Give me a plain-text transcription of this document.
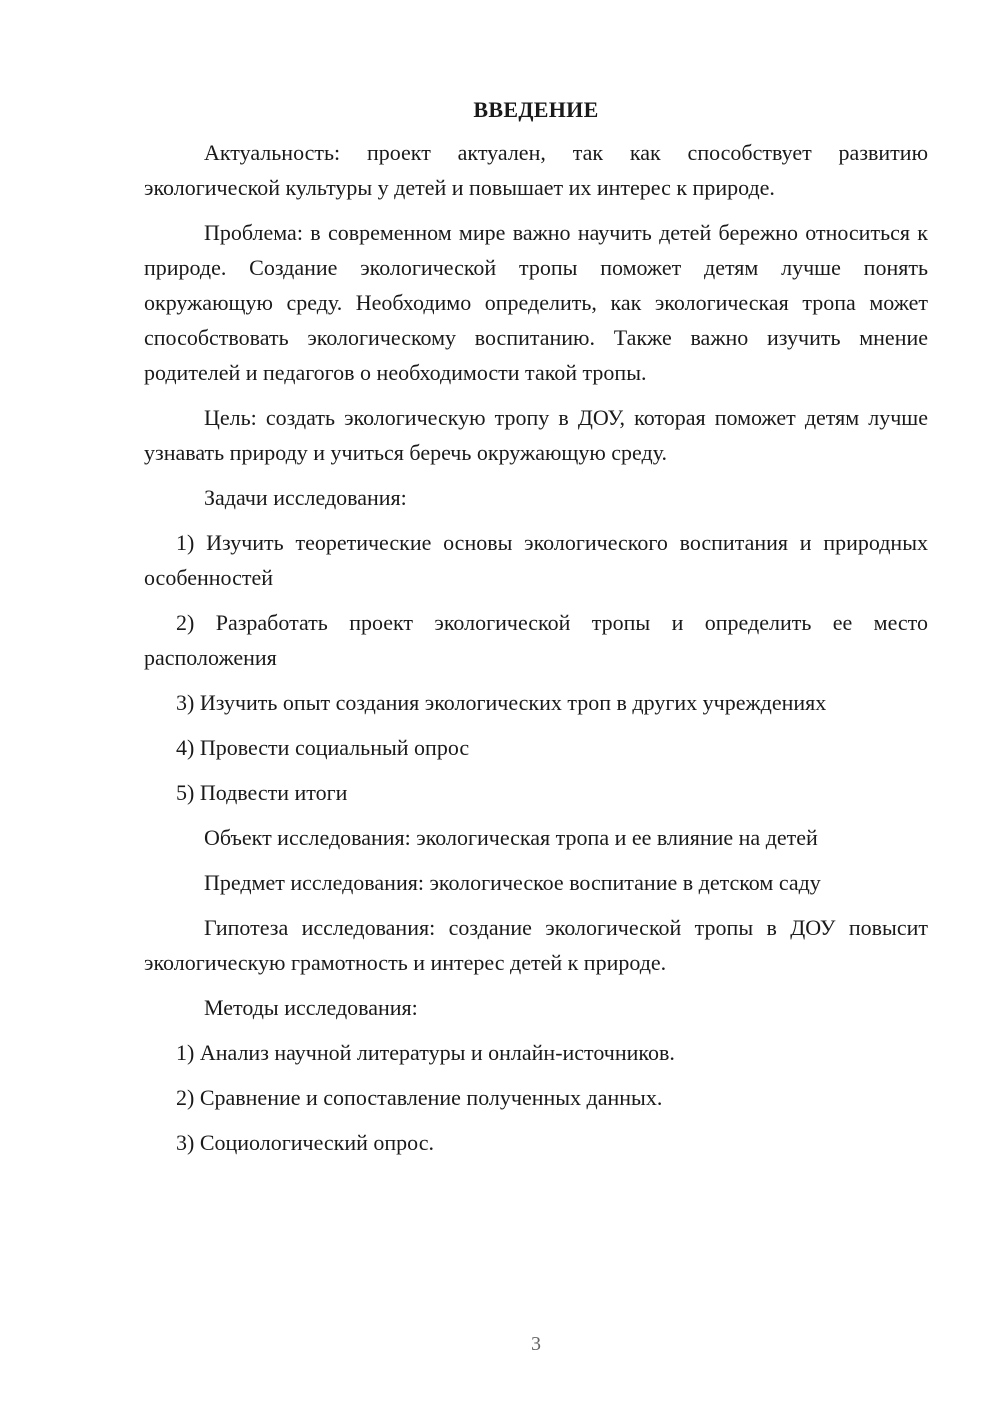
ВВЕДЕНИЕ

Актуальность: проект актуален, так как способствует развитию экологической культуры у детей и повышает их интерес к природе.

Проблема: в современном мире важно научить детей бережно относиться к природе. Создание экологической тропы поможет детям лучше понять окружающую среду. Необходимо определить, как экологическая тропа может способствовать экологическому воспитанию. Также важно изучить мнение родителей и педагогов о необходимости такой тропы.

Цель: создать экологическую тропу в ДОУ, которая поможет детям лучше узнавать природу и учиться беречь окружающую среду.

Задачи исследования:

1) Изучить теоретические основы экологического воспитания и природных особенностей

2) Разработать проект экологической тропы и определить ее место расположения

3) Изучить опыт создания экологических троп в других учреждениях

4) Провести социальный опрос

5) Подвести итоги

Объект исследования: экологическая тропа и ее влияние на детей

Предмет исследования: экологическое воспитание в детском саду

Гипотеза исследования: создание экологической тропы в ДОУ повысит экологическую грамотность и интерес детей к природе.

Методы исследования:

1) Анализ научной литературы и онлайн-источников.

2) Сравнение и сопоставление полученных данных.

3) Социологический опрос.

3
